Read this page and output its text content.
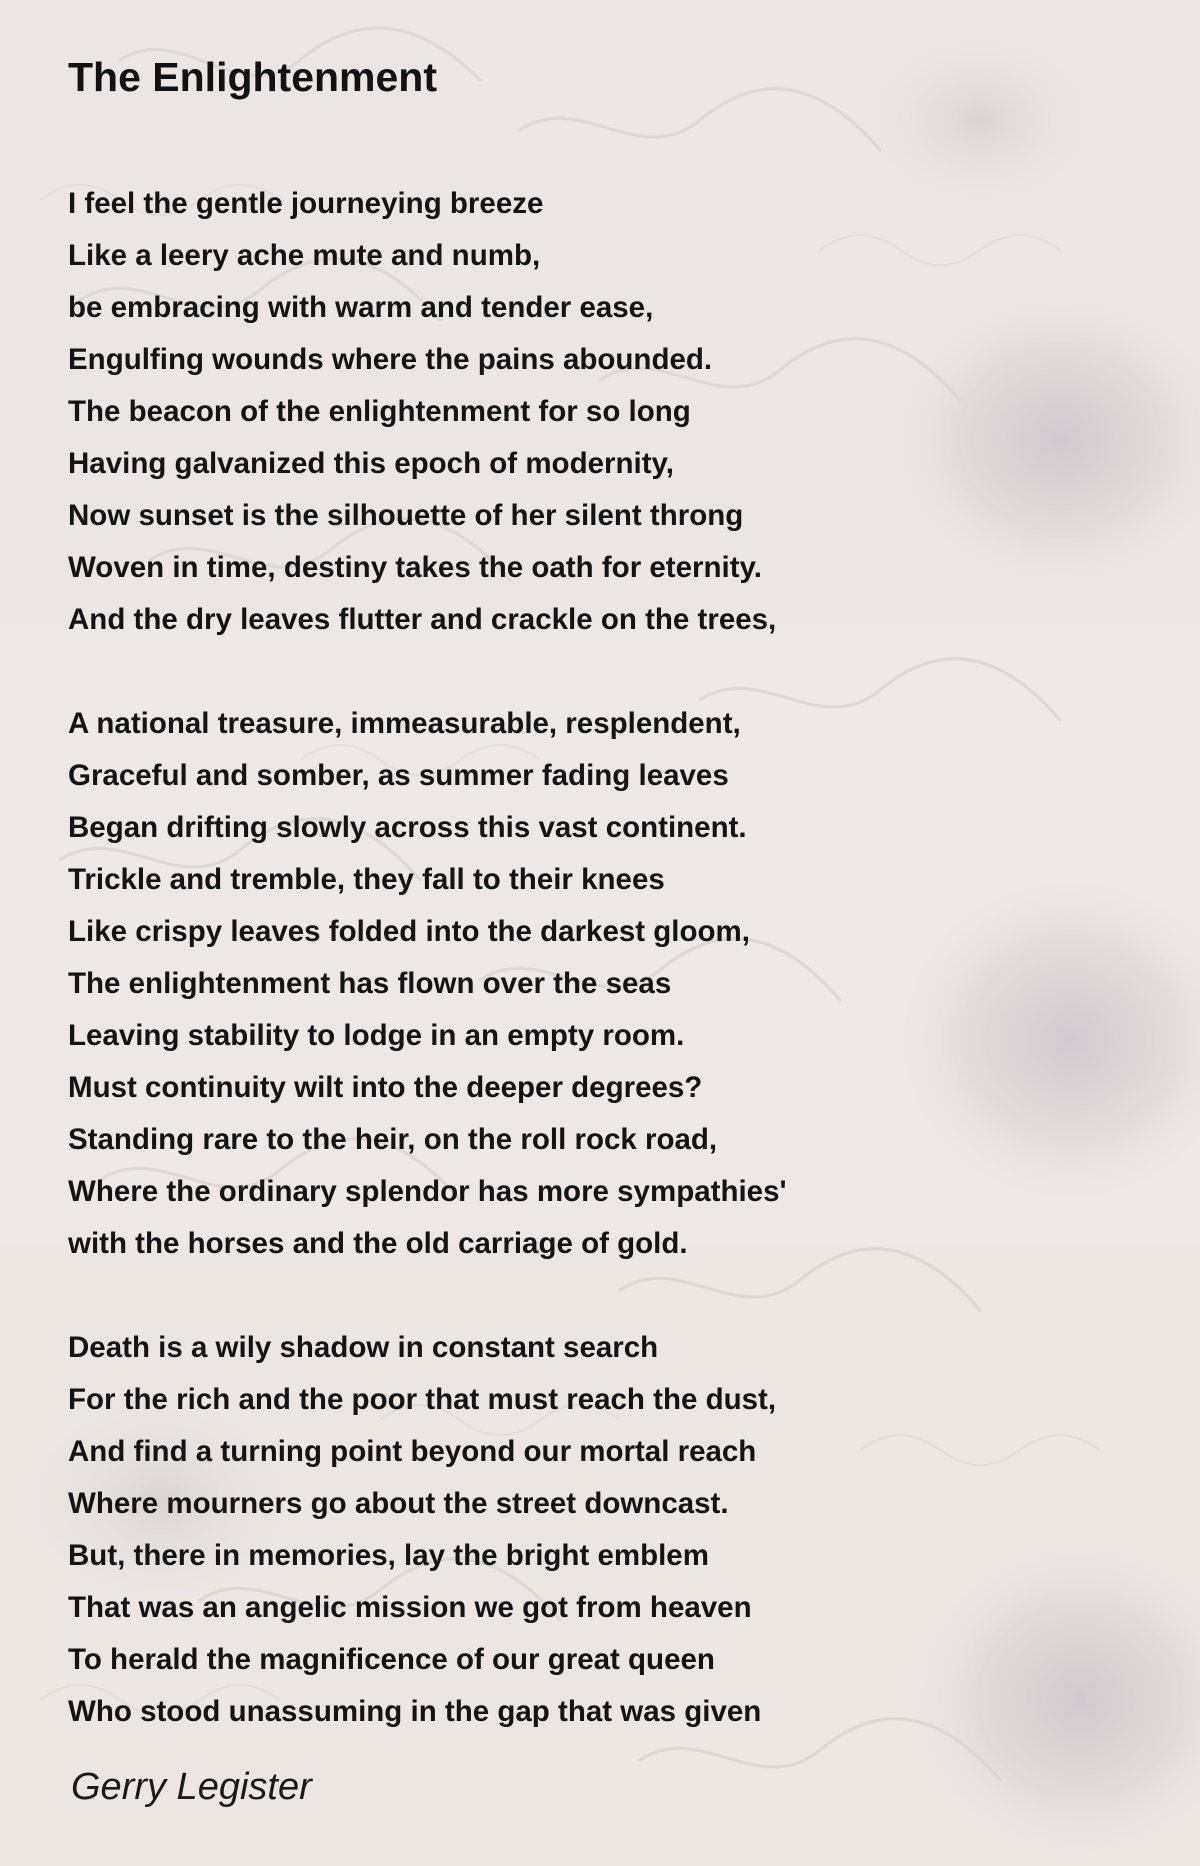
The Enlightenment
I feel the gentle journeying breeze
Like a leery ache mute and numb,
be embracing with warm and tender ease,
Engulfing wounds where the pains abounded.
The beacon of the enlightenment for so long
Having galvanized this epoch of modernity,
Now sunset is the silhouette of her silent throng
Woven in time, destiny takes the oath for eternity.
And the dry leaves flutter and crackle on the trees,
A national treasure, immeasurable, resplendent,
Graceful and somber, as summer fading leaves
Began drifting slowly across this vast continent.
Trickle and tremble, they fall to their knees
Like crispy leaves folded into the darkest gloom,
The enlightenment has flown over the seas
Leaving stability to lodge in an empty room.
Must continuity wilt into the deeper degrees?
Standing rare to the heir, on the roll rock road,
Where the ordinary splendor has more sympathies'
with the horses and the old carriage of gold.
Death is a wily shadow in constant search
For the rich and the poor that must reach the dust,
And find a turning point beyond our mortal reach
Where mourners go about the street downcast.
But, there in memories, lay the bright emblem
That was an angelic mission we got from heaven
To herald the magnificence of our great queen
Who stood unassuming in the gap that was given
Gerry Legister
